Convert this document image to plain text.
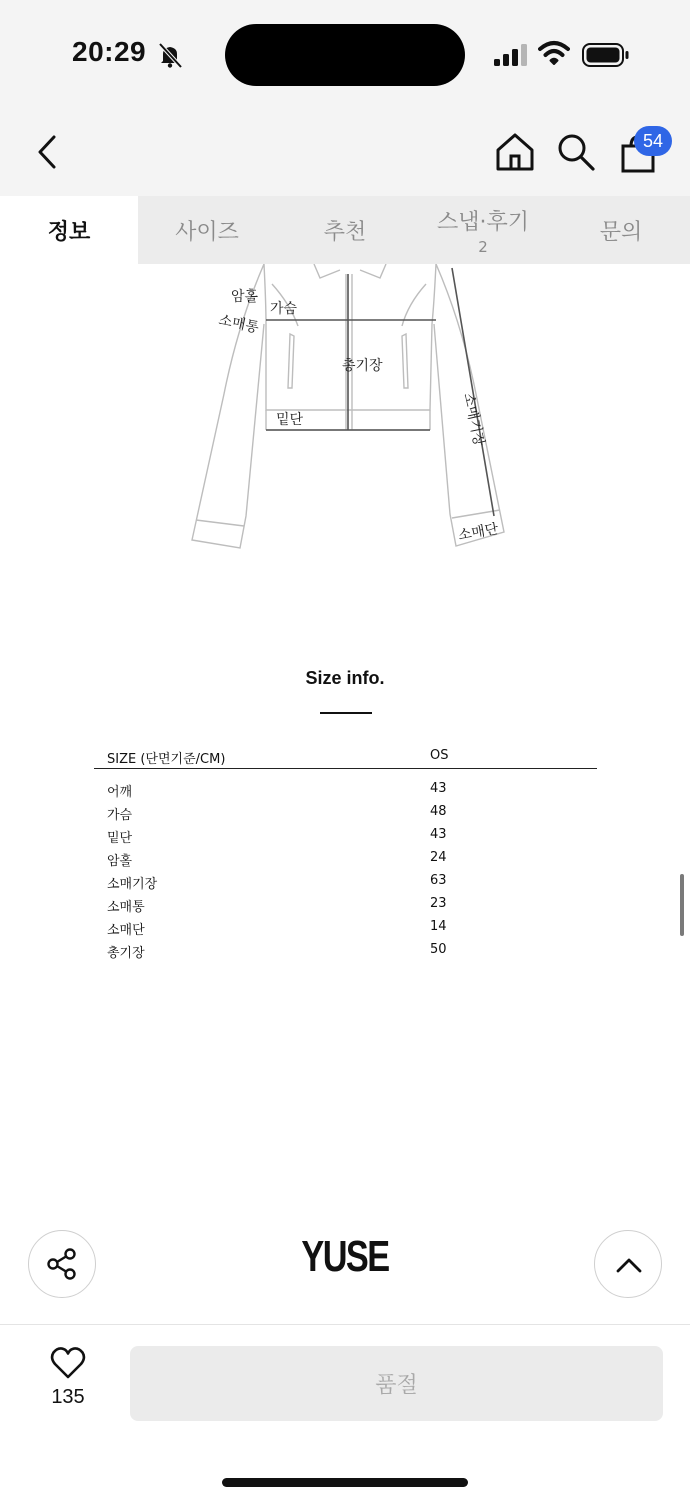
20:29
54
정보	사이즈	추천	스냅·후기
2
문의
암홀
가슴
소매통
총기장
밑단	소매기장
소매단
Size info.
SIZE (단면기준/CM)	OS
어깨	43
가슴	48
밑단	43
암홀	24
소매기장	63
소매통	23
소매단	14
총기장	50
YUSE
135	품절
